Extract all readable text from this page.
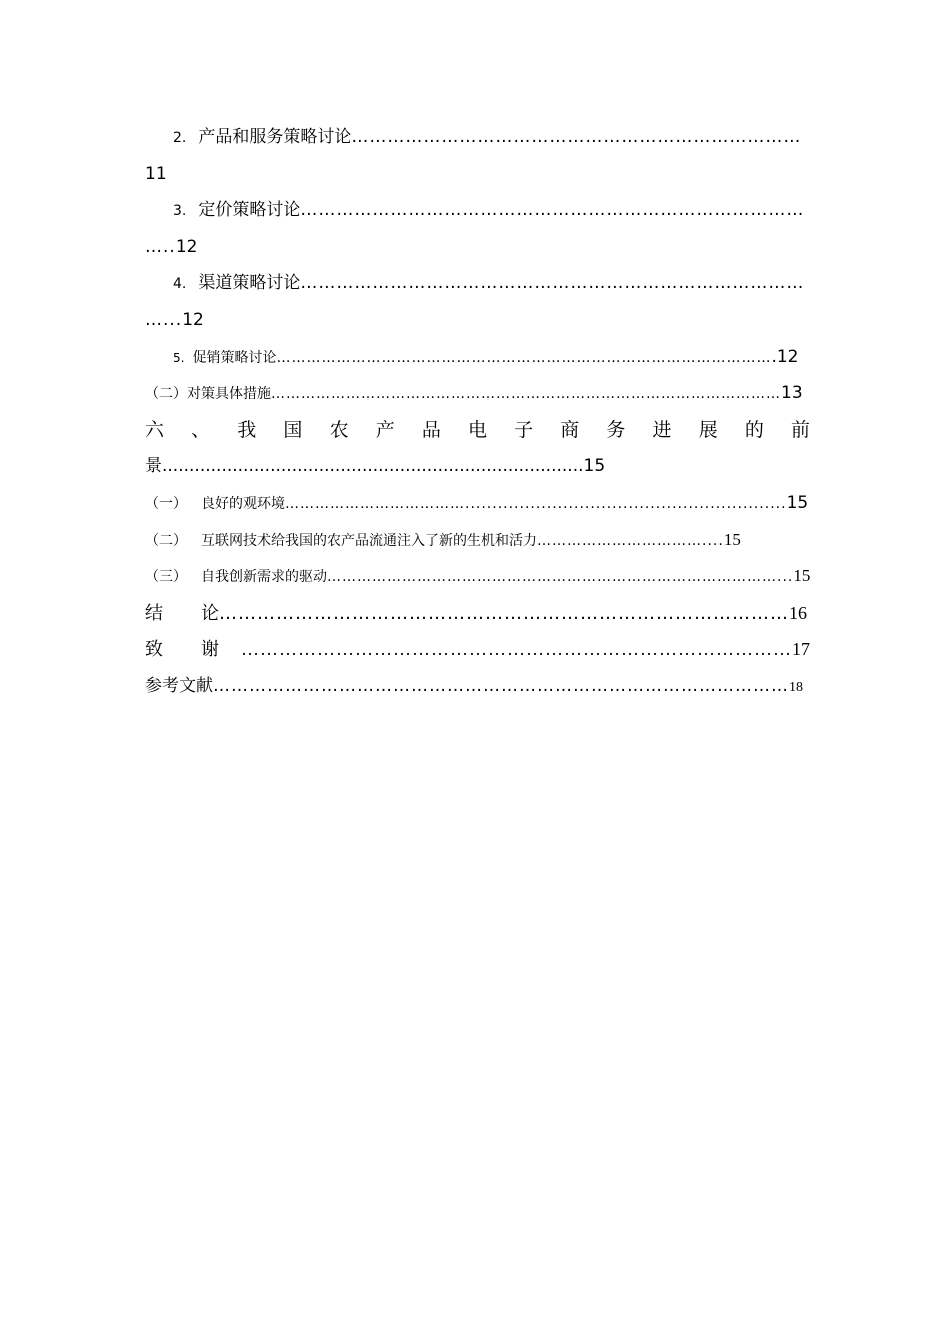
2. 产品和服务策略讨论…………………………………………………………………
11
3. 定价策略讨论…………………………………………………………………………
…..12
4. 渠道策略讨论…………………………………………………………………………
…...12
5. 促销策略讨论……………………………………………………………………………………….12
（二）对策具体措施…………………………………………………………………………………………13
六 、 我 国 农 产 品 电 子 商 务 进 展 的 前
景..............................................................................15
（一） 良好的观环境………………………………...........................................................15
（二） 互联网技术给我国的农产品流通注入了新的生机和活力……………………………....15
（三） 自我创新需求的驱动………………………………………………………………………………...15
结 论………………………………………………………………………………16
致 谢 ……………………………………………………………………………17
参考文献……………………………………………………………………………………18
